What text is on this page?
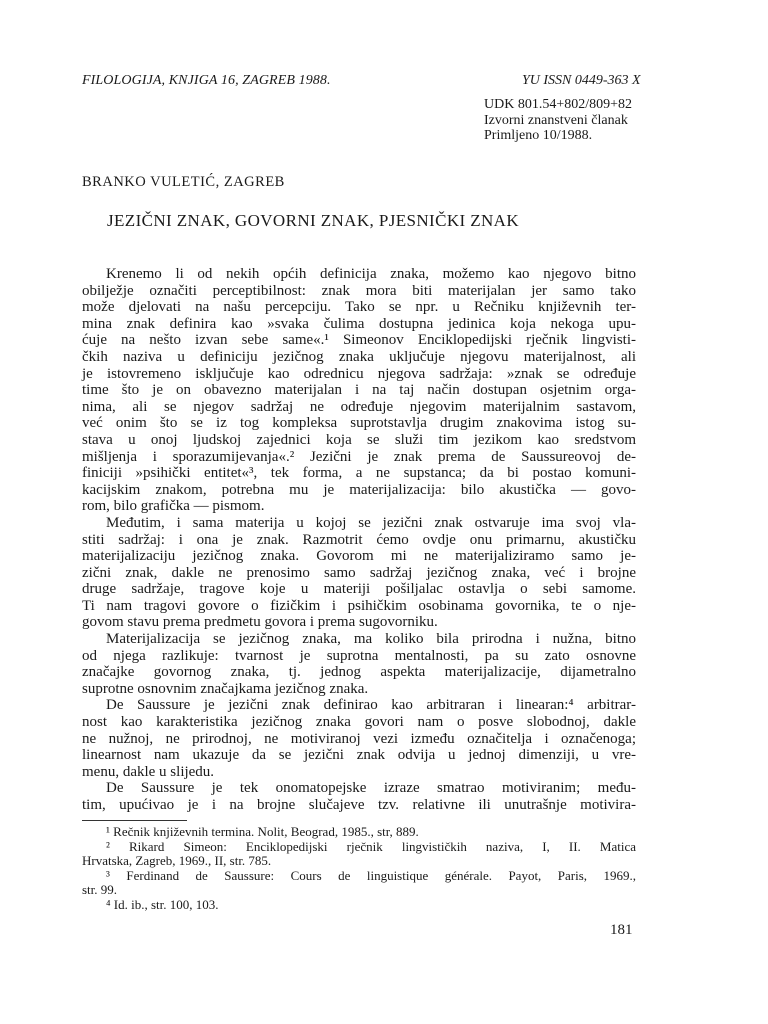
FILOLOGIJA, KNJIGA 16, ZAGREB 1988.	YU ISSN 0449-363 X
UDK 801.54+802/809+82
Izvorni znanstveni članak
Primljeno 10/1988.
BRANKO VULETIĆ, ZAGREB
JEZIČNI ZNAK, GOVORNI ZNAK, PJESNIČKI ZNAK
Krenemo li od nekih općih definicija znaka, možemo kao njegovo bitno
obilježje označiti perceptibilnost: znak mora biti materijalan jer samo tako
može djelovati na našu percepciju. Tako se npr. u Rečniku književnih ter-
mina znak definira kao »svaka čulima dostupna jedinica koja nekoga upu-
ćuje na nešto izvan sebe same«.¹ Simeonov Enciklopedijski rječnik lingvisti-
čkih naziva u definiciju jezičnog znaka uključuje njegovu materijalnost, ali
je istovremeno isključuje kao odrednicu njegova sadržaja: »znak se određuje
time što je on obavezno materijalan i na taj način dostupan osjetnim orga-
nima, ali se njegov sadržaj ne određuje njegovim materijalnim sastavom,
već onim što se iz tog kompleksa suprotstavlja drugim znakovima istog su-
stava u onoj ljudskoj zajednici koja se služi tim jezikom kao sredstvom
mišljenja i sporazumijevanja«.² Jezični je znak prema de Saussureovoj de-
finiciji »psihički entitet«³, tek forma, a ne supstanca; da bi postao komuni-
kacijskim znakom, potrebna mu je materijalizacija: bilo akustička — govo-
rom, bilo grafička — pismom.
Međutim, i sama materija u kojoj se jezični znak ostvaruje ima svoj vla-
stiti sadržaj: i ona je znak. Razmotrit ćemo ovdje onu primarnu, akustičku
materijalizaciju jezičnog znaka. Govorom mi ne materijaliziramo samo je-
zični znak, dakle ne prenosimo samo sadržaj jezičnog znaka, već i brojne
druge sadržaje, tragove koje u materiji pošiljalac ostavlja o sebi samome.
Ti nam tragovi govore o fizičkim i psihičkim osobinama govornika, te o nje-
govom stavu prema predmetu govora i prema sugovorniku.
Materijalizacija se jezičnog znaka, ma koliko bila prirodna i nužna, bitno
od njega razlikuje: tvarnost je suprotna mentalnosti, pa su zato osnovne
značajke govornog znaka, tj. jednog aspekta materijalizacije, dijametralno
suprotne osnovnim značajkama jezičnog znaka.
De Saussure je jezični znak definirao kao arbitraran i linearan:⁴ arbitrar-
nost kao karakteristika jezičnog znaka govori nam o posve slobodnoj, dakle
ne nužnoj, ne prirodnoj, ne motiviranoj vezi između označitelja i označenoga;
linearnost nam ukazuje da se jezični znak odvija u jednoj dimenziji, u vre-
menu, dakle u slijedu.
De Saussure je tek onomatopejske izraze smatrao motiviranim; među-
tim, upućivao je i na brojne slučajeve tzv. relativne ili unutrašnje motivira-
¹ Rečnik književnih termina. Nolit, Beograd, 1985., str, 889.
² Rikard Simeon: Enciklopedijski rječnik lingvističkih naziva, I, II. Matica
Hrvatska, Zagreb, 1969., II, str. 785.
³ Ferdinand de Saussure: Cours de linguistique générale. Payot, Paris, 1969.,
str. 99.
⁴ Id. ib., str. 100, 103.
181
